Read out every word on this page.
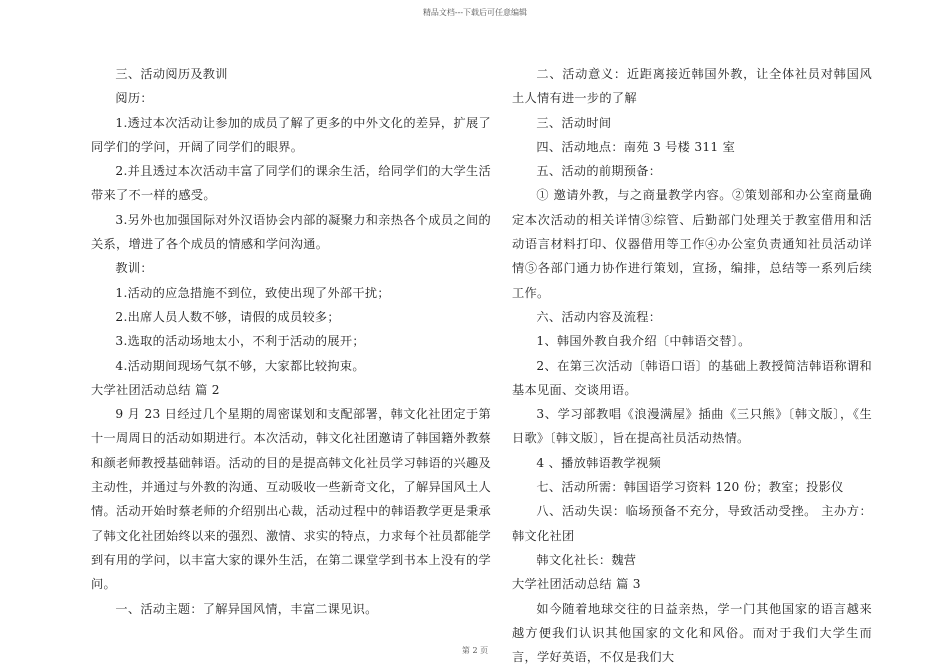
精品文档---下载后可任意编辑

三、活动阅历及教训

阅历：

1.透过本次活动让参加的成员了解了更多的中外文化的差异，扩展了同学们的学问，开阔了同学们的眼界。

2.并且透过本次活动丰富了同学们的课余生活，给同学们的大学生活带来了不一样的感受。

3.另外也加强国际对外汉语协会内部的凝聚力和亲热各个成员之间的关系，增进了各个成员的情感和学问沟通。

教训：

1.活动的应急措施不到位，致使出现了外部干扰；

2.出席人员人数不够，请假的成员较多；

3.选取的活动场地太小，不利于活动的展开；

4.活动期间现场气氛不够，大家都比较拘束。

大学社团活动总结 篇 2

9 月 23 日经过几个星期的周密谋划和支配部署，韩文化社团定于第十一周周日的活动如期进行。本次活动，韩文化社团邀请了韩国籍外教蔡和颜老师教授基础韩语。活动的目的是提高韩文化社员学习韩语的兴趣及主动性，并通过与外教的沟通、互动吸收一些新奇文化，了解异国风土人情。活动开始时蔡老师的介绍别出心裁，活动过程中的韩语教学更是秉承了韩文化社团始终以来的强烈、激情、求实的特点，力求每个社员都能学到有用的学问，以丰富大家的课外生活，在第二课堂学到书本上没有的学问。

一、活动主题：了解异国风情，丰富二课见识。

二、活动意义：近距离接近韩国外教，让全体社员对韩国风土人情有进一步的了解

三、活动时间

四、活动地点：南苑 3 号楼 311 室

五、活动的前期预备：

① 邀请外教，与之商量教学内容。②策划部和办公室商量确定本次活动的相关详情③综管、后勤部门处理关于教室借用和活动语言材料打印、仪器借用等工作④办公室负责通知社员活动详情⑤各部门通力协作进行策划，宣扬，编排，总结等一系列后续工作。

六、活动内容及流程：

1、韩国外教自我介绍〔中韩语交替〕。

2、在第三次活动〔韩语口语〕的基础上教授简洁韩语称谓和基本见面、交谈用语。

3、学习部教唱《浪漫满屋》插曲《三只熊》〔韩文版〕，《生日歌》〔韩文版〕，旨在提高社员活动热情。

4 、播放韩语教学视频

七、活动所需：韩国语学习资料 120 份；教室；投影仪

八、活动失误：临场预备不充分，导致活动受挫。 主办方：韩文化社团

韩文化社长：魏营

大学社团活动总结 篇 3

如今随着地球交往的日益亲热，学一门其他国家的语言越来越方便我们认识其他国家的文化和风俗。而对于我们大学生而言，学好英语，不仅是我们大

第 2 页
